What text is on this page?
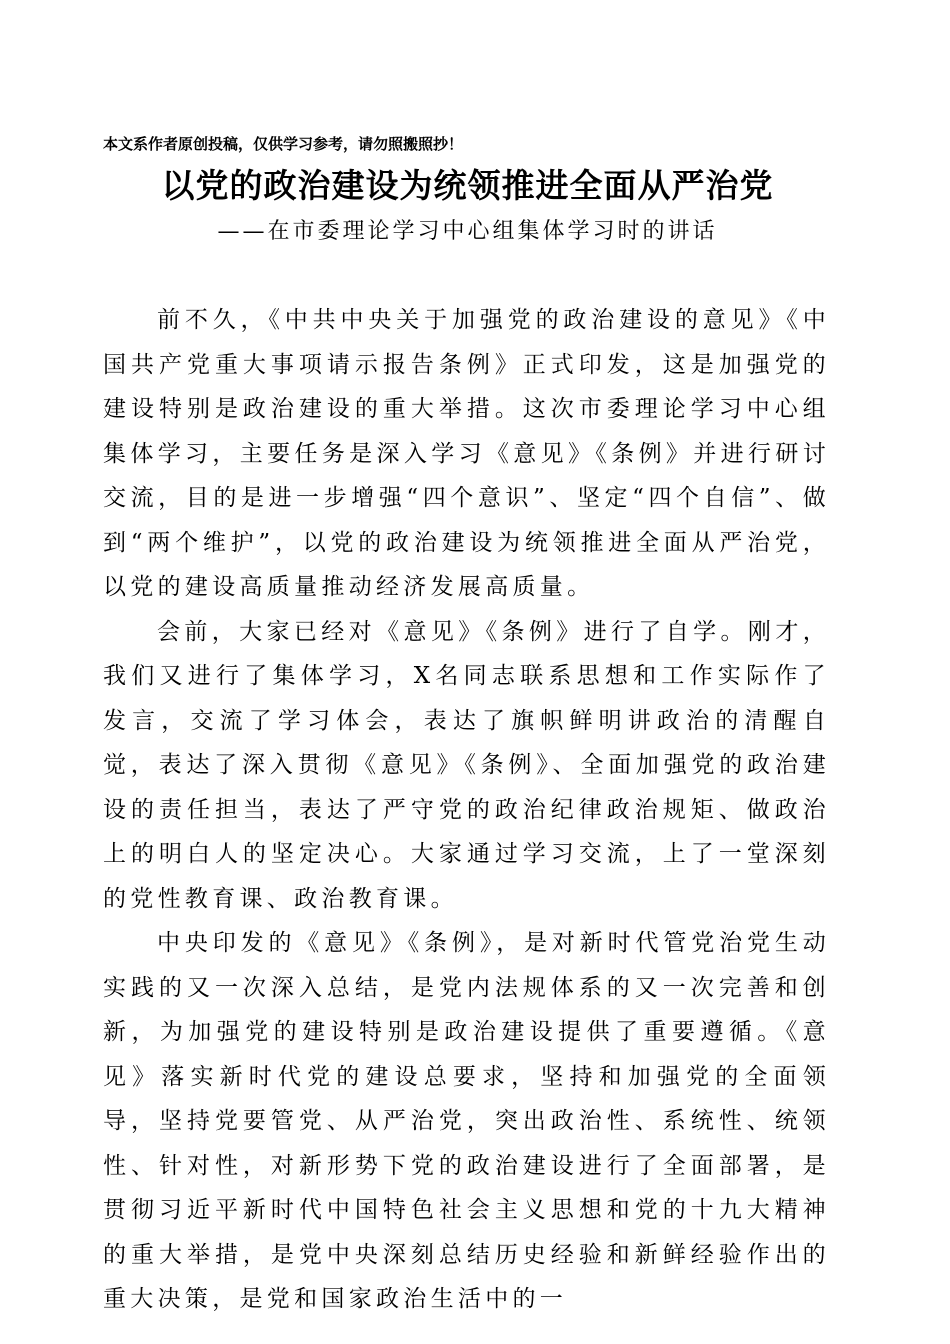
本文系作者原创投稿，仅供学习参考，请勿照搬照抄！
以党的政治建设为统领推进全面从严治党
——在市委理论学习中心组集体学习时的讲话

前不久，《中共中央关于加强党的政治建设的意见》《中国共产党重大事项请示报告条例》正式印发，这是加强党的建设特别是政治建设的重大举措。这次市委理论学习中心组集体学习，主要任务是深入学习《意见》《条例》并进行研讨交流，目的是进一步增强“四个意识”、坚定“四个自信”、做到“两个维护”，以党的政治建设为统领推进全面从严治党，以党的建设高质量推动经济发展高质量。

会前，大家已经对《意见》《条例》进行了自学。刚才，我们又进行了集体学习，X名同志联系思想和工作实际作了发言，交流了学习体会，表达了旗帜鲜明讲政治的清醒自觉，表达了深入贯彻《意见》《条例》、全面加强党的政治建设的责任担当，表达了严守党的政治纪律政治规矩、做政治上的明白人的坚定决心。大家通过学习交流，上了一堂深刻的党性教育课、政治教育课。

中央印发的《意见》《条例》，是对新时代管党治党生动实践的又一次深入总结，是党内法规体系的又一次完善和创新，为加强党的建设特别是政治建设提供了重要遵循。《意见》落实新时代党的建设总要求，坚持和加强党的全面领导，坚持党要管党、从严治党，突出政治性、系统性、统领性、针对性，对新形势下党的政治建设进行了全面部署，是贯彻习近平新时代中国特色社会主义思想和党的十九大精神的重大举措，是党中央深刻总结历史经验和新鲜经验作出的重大决策，是党和国家政治生活中的一
